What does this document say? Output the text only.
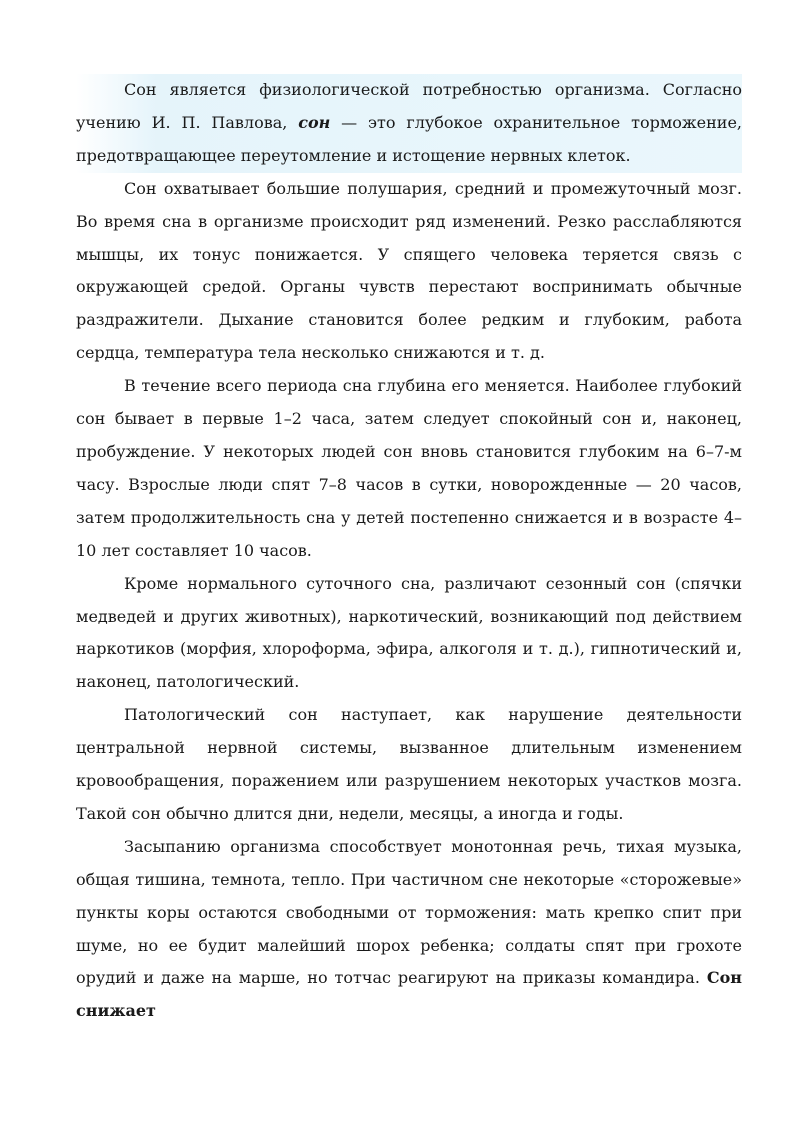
Сон является физиологической потребностью организма. Согласно учению И. П. Павлова, сон — это глубокое охранительное торможение, предотвращающее переутомление и истощение нервных клеток.

Сон охватывает большие полушария, средний и промежуточный мозг. Во время сна в организме происходит ряд изменений. Резко расслабляются мышцы, их тонус понижается. У спящего человека теряется связь с окружающей средой. Органы чувств перестают воспринимать обычные раздражители. Дыхание становится более редким и глубоким, работа сердца, температура тела несколько снижаются и т. д.

В течение всего периода сна глубина его меняется. Наиболее глубокий сон бывает в первые 1–2 часа, затем следует спокойный сон и, наконец, пробуждение. У некоторых людей сон вновь становится глубоким на 6–7-м часу. Взрослые люди спят 7–8 часов в сутки, новорожденные — 20 часов, затем продолжительность сна у детей постепенно снижается и в возрасте 4–10 лет составляет 10 часов.

Кроме нормального суточного сна, различают сезонный сон (спячки медведей и других животных), наркотический, возникающий под действием наркотиков (морфия, хлороформа, эфира, алкоголя и т. д.), гипнотический и, наконец, патологический.

Патологический сон наступает, как нарушение деятельности центральной нервной системы, вызванное длительным изменением кровообращения, поражением или разрушением некоторых участков мозга. Такой сон обычно длится дни, недели, месяцы, а иногда и годы.

Засыпанию организма способствует монотонная речь, тихая музыка, общая тишина, темнота, тепло. При частичном сне некоторые «сторожевые» пункты коры остаются свободными от торможения: мать крепко спит при шуме, но ее будит малейший шорох ребенка; солдаты спят при грохоте орудий и даже на марше, но тотчас реагируют на приказы командира. Сон снижает
